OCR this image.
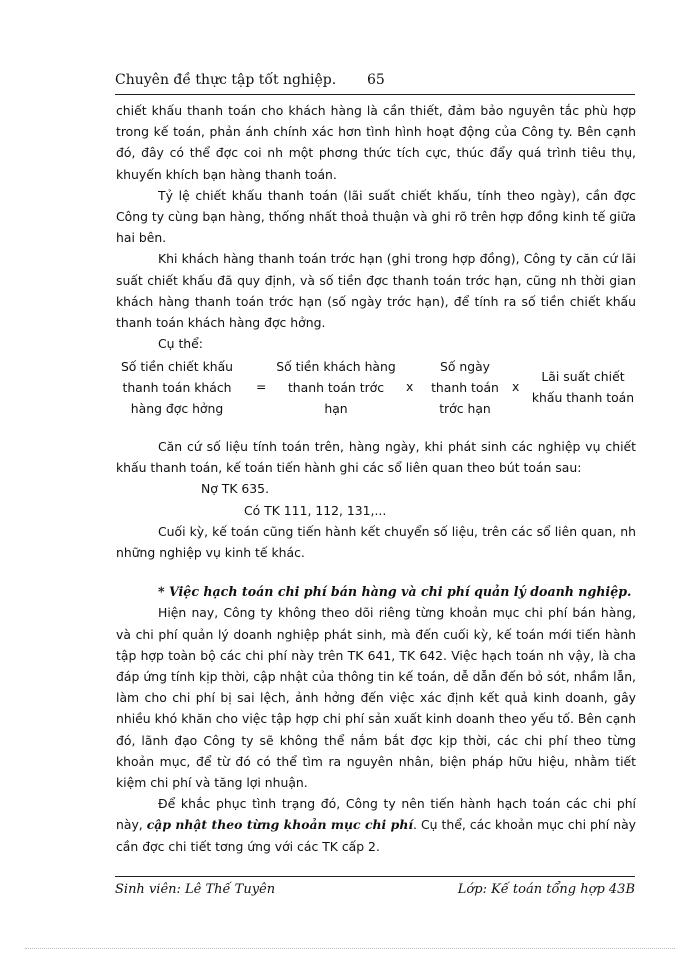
Chuyên đề thực tập tốt nghiệp. 65

chiết khấu thanh toán cho khách hàng là cần thiết, đảm bảo nguyên tắc phù hợp trong kế toán, phản ánh chính xác hơn tình hình hoạt động của Công ty. Bên cạnh đó, đây có thể đợc coi nh một phơng thức tích cực, thúc đẩy quá trình tiêu thụ, khuyến khích bạn hàng thanh toán.

Tỷ lệ chiết khấu thanh toán (lãi suất chiết khấu, tính theo ngày), cần đợc Công ty cùng bạn hàng, thống nhất thoả thuận và ghi rõ trên hợp đồng kinh tế giữa hai bên.

Khi khách hàng thanh toán trớc hạn (ghi trong hợp đồng), Công ty căn cứ lãi suất chiết khấu đã quy định, và số tiền đợc thanh toán trớc hạn, cũng nh thời gian khách hàng thanh toán trớc hạn (số ngày trớc hạn), để tính ra số tiền chiết khấu thanh toán khách hàng đợc hởng.

Cụ thể:

Số tiền chiết khấu thanh toán khách hàng đợc hởng
=
Số tiền khách hàng thanh toán trớc hạn
x
Số ngày thanh toán trớc hạn
x
Lãi suất chiết khấu thanh toán

Căn cứ số liệu tính toán trên, hàng ngày, khi phát sinh các nghiệp vụ chiết khấu thanh toán, kế toán tiến hành ghi các sổ liên quan theo bút toán sau:

Nợ TK 635.

Có TK 111, 112, 131,...

Cuối kỳ, kế toán cũng tiến hành kết chuyển số liệu, trên các sổ liên quan, nh những nghiệp vụ kinh tế khác.

* Việc hạch toán chi phí bán hàng và chi phí quản lý doanh nghiệp.

Hiện nay, Công ty không theo dõi riêng từng khoản mục chi phí bán hàng, và chi phí quản lý doanh nghiệp phát sinh, mà đến cuối kỳ, kế toán mới tiến hành tập hợp toàn bộ các chi phí này trên TK 641, TK 642. Việc hạch toán nh vậy, là cha đáp ứng tính kịp thời, cập nhật của thông tin kế toán, dễ dẫn đến bỏ sót, nhầm lẫn, làm cho chi phí bị sai lệch, ảnh hởng đến việc xác định kết quả kinh doanh, gây nhiều khó khăn cho việc tập hợp chi phí sản xuất kinh doanh theo yếu tố. Bên cạnh đó, lãnh đạo Công ty sẽ không thể nắm bắt đợc kịp thời, các chi phí theo từng khoản mục, để từ đó có thể tìm ra nguyên nhân, biện pháp hữu hiệu, nhằm tiết kiệm chi phí và tăng lợi nhuận.

Để khắc phục tình trạng đó, Công ty nên tiến hành hạch toán các chi phí này, cập nhật theo từng khoản mục chi phí. Cụ thể, các khoản mục chi phí này cần đợc chi tiết tơng ứng với các TK cấp 2.

Sinh viên: Lê Thế Tuyên	Lớp: Kế toán tổng hợp 43B
